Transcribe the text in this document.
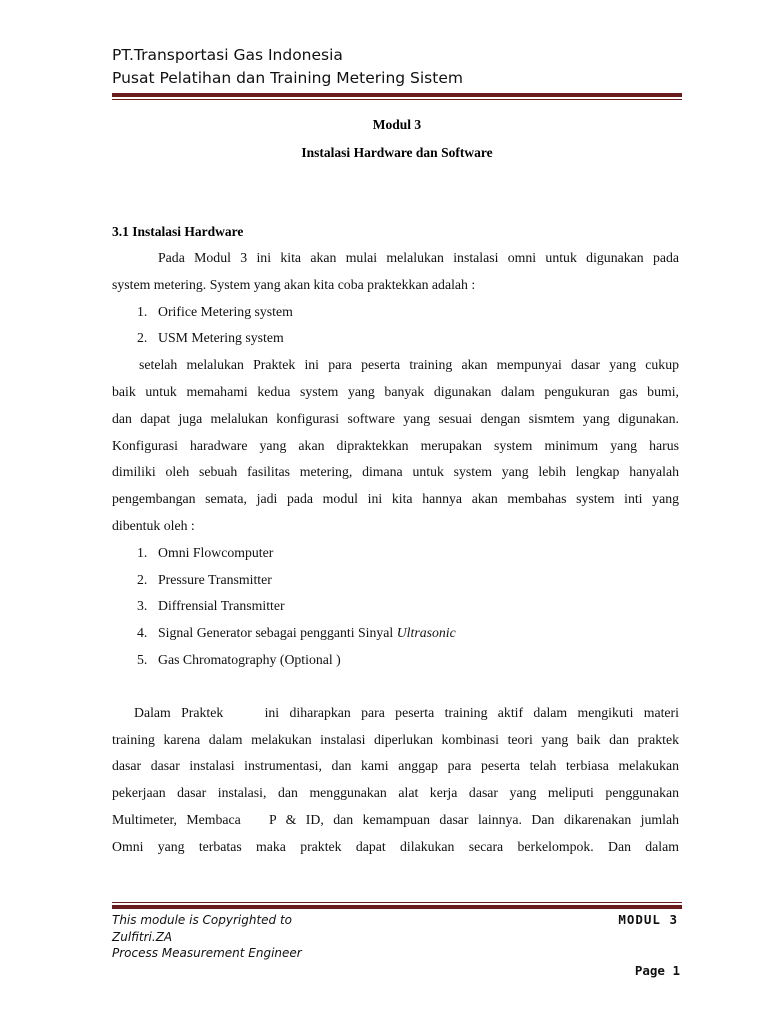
PT.Transportasi Gas Indonesia
Pusat Pelatihan dan Training Metering Sistem
Modul 3
Instalasi Hardware dan Software
3.1 Instalasi Hardware

Pada Modul 3 ini kita akan mulai melalukan instalasi omni untuk digunakan pada

system metering. System yang akan kita coba praktekkan adalah :

1. Orifice Metering system
2. USM Metering system

setelah melalukan Praktek ini para peserta training akan mempunyai dasar yang cukup

baik untuk memahami kedua system yang banyak digunakan dalam pengukuran gas bumi,

dan dapat juga melalukan konfigurasi software yang sesuai dengan sismtem yang digunakan.

Konfigurasi haradware yang akan dipraktekkan merupakan system minimum yang harus

dimiliki oleh sebuah fasilitas metering, dimana untuk system yang lebih lengkap hanyalah

pengembangan semata, jadi pada modul ini kita hannya akan membahas system inti yang

dibentuk oleh :

1. Omni Flowcomputer
2. Pressure Transmitter
3. Diffrensial Transmitter
4. Signal Generator sebagai pengganti Sinyal Ultrasonic
5. Gas Chromatography (Optional )

Dalam Praktek    ini diharapkan para peserta training aktif dalam mengikuti materi

training karena dalam melakukan instalasi diperlukan kombinasi teori yang baik dan praktek

dasar dasar instalasi instrumentasi, dan kami anggap para peserta telah terbiasa melakukan

pekerjaan dasar instalasi, dan menggunakan alat kerja dasar yang meliputi penggunakan

Multimeter, Membaca   P & ID, dan kemampuan dasar lainnya. Dan dikarenakan jumlah

Omni yang terbatas maka praktek dapat dilakukan secara berkelompok. Dan dalam

This module is Copyrighted to
Zulfitri.ZA
Process Measurement Engineer
MODUL 3
Page 1
